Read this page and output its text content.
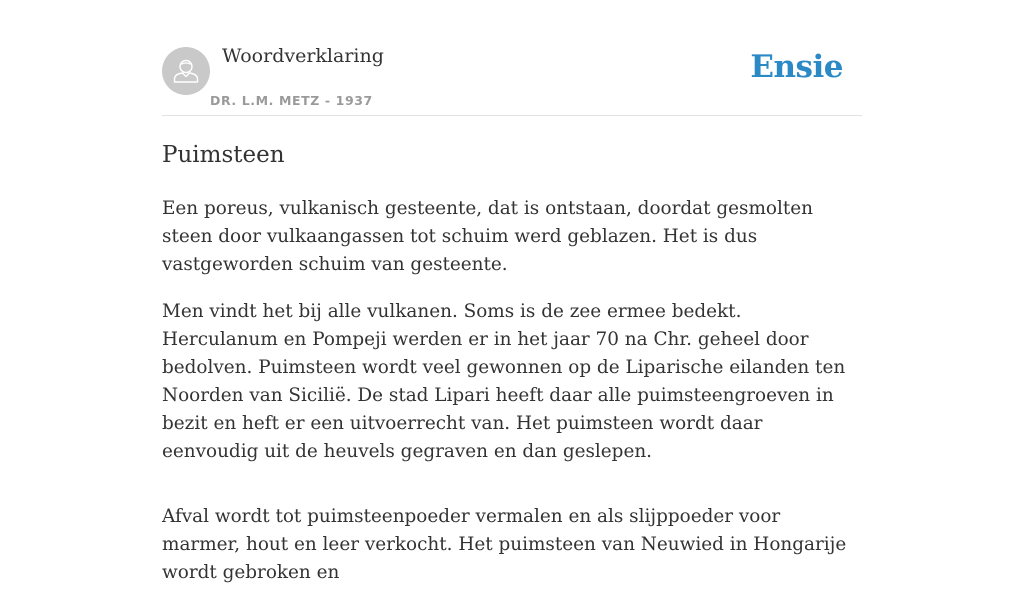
Woordverklaring
DR. L.M. METZ - 1937
Ensie
Puimsteen

Een poreus, vulkanisch gesteente, dat is ontstaan, doordat gesmolten steen door vulkaangassen tot schuim werd geblazen. Het is dus vastgeworden schuim van gesteente.

Men vindt het bij alle vulkanen. Soms is de zee ermee bedekt. Herculanum en Pompeji werden er in het jaar 70 na Chr. geheel door bedolven. Puimsteen wordt veel gewonnen op de Liparische eilanden ten Noorden van Sicilië. De stad Lipari heeft daar alle puimsteengroeven in bezit en heft er een uitvoerrecht van. Het puimsteen wordt daar eenvoudig uit de heuvels gegraven en dan geslepen.

Afval wordt tot puimsteenpoeder vermalen en als slijppoeder voor marmer, hout en leer verkocht. Het puimsteen van Neuwied in Hongarije wordt gebroken en
